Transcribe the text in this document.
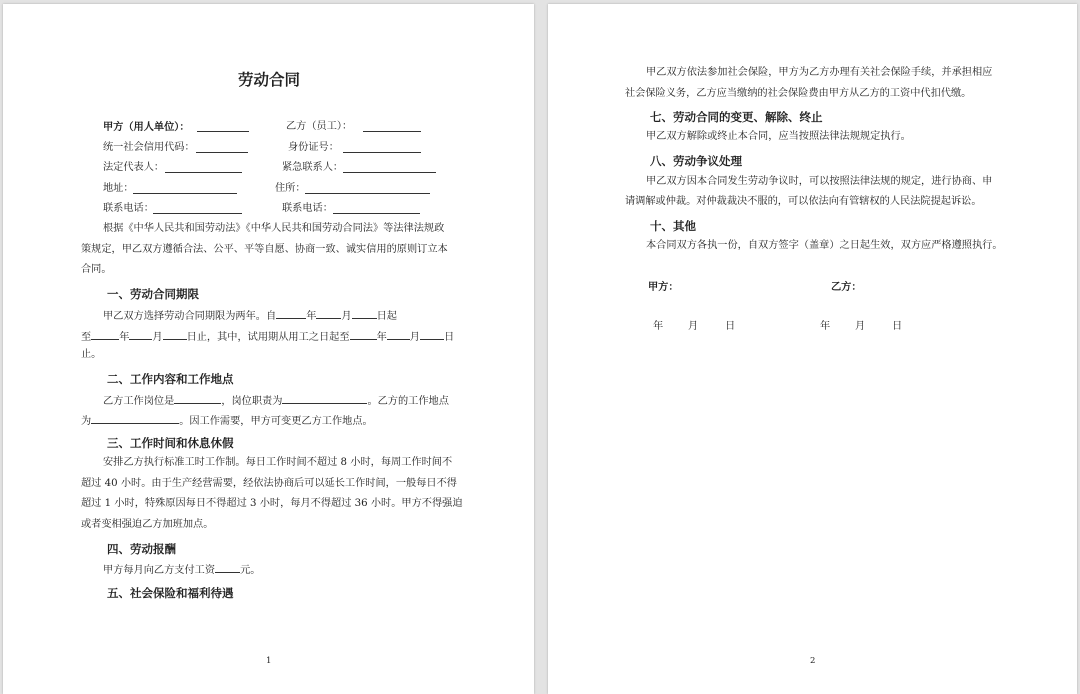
劳动合同
甲方（用人单位）：	乙方（员工）：
统一社会信用代码：	身份证号：
法定代表人：	紧急联系人：
地址：	住所：
联系电话：	联系电话：
根据《中华人民共和国劳动法》《中华人民共和国劳动合同法》等法律法规政
策规定，甲乙双方遵循合法、公平、平等自愿、协商一致、诚实信用的原则订立本
合同。
一、劳动合同期限
甲乙双方选择劳动合同期限为两年。自	年 月 日起
至	年 月 日止，其中，试用期从用工之日起至	年 月 日
止。
二、工作内容和工作地点
乙方工作岗位是	，岗位职责为	。乙方的工作地点
为	。因工作需要，甲方可变更乙方工作地点。
三、工作时间和休息休假
安排乙方执行标准工时工作制。每日工作时间不超过 8 小时，每周工作时间不
超过 40 小时。由于生产经营需要，经依法协商后可以延长工作时间，一般每日不得
超过 1 小时，特殊原因每日不得超过 3 小时，每月不得超过 36 小时。甲方不得强迫
或者变相强迫乙方加班加点。
四、劳动报酬
甲方每月向乙方支付工资 元。
五、社会保险和福利待遇
1
甲乙双方依法参加社会保险，甲方为乙方办理有关社会保险手续，并承担相应
社会保险义务，乙方应当缴纳的社会保险费由甲方从乙方的工资中代扣代缴。
七、劳动合同的变更、解除、终止
甲乙双方解除或终止本合同，应当按照法律法规规定执行。
八、劳动争议处理
甲乙双方因本合同发生劳动争议时，可以按照法律法规的规定，进行协商、申
请调解或仲裁。对仲裁裁决不服的，可以依法向有管辖权的人民法院提起诉讼。
十、其他
本合同双方各执一份，自双方签字（盖章）之日起生效，双方应严格遵照执行。
甲方：	乙方：
年 月	日	年 月	日
2
